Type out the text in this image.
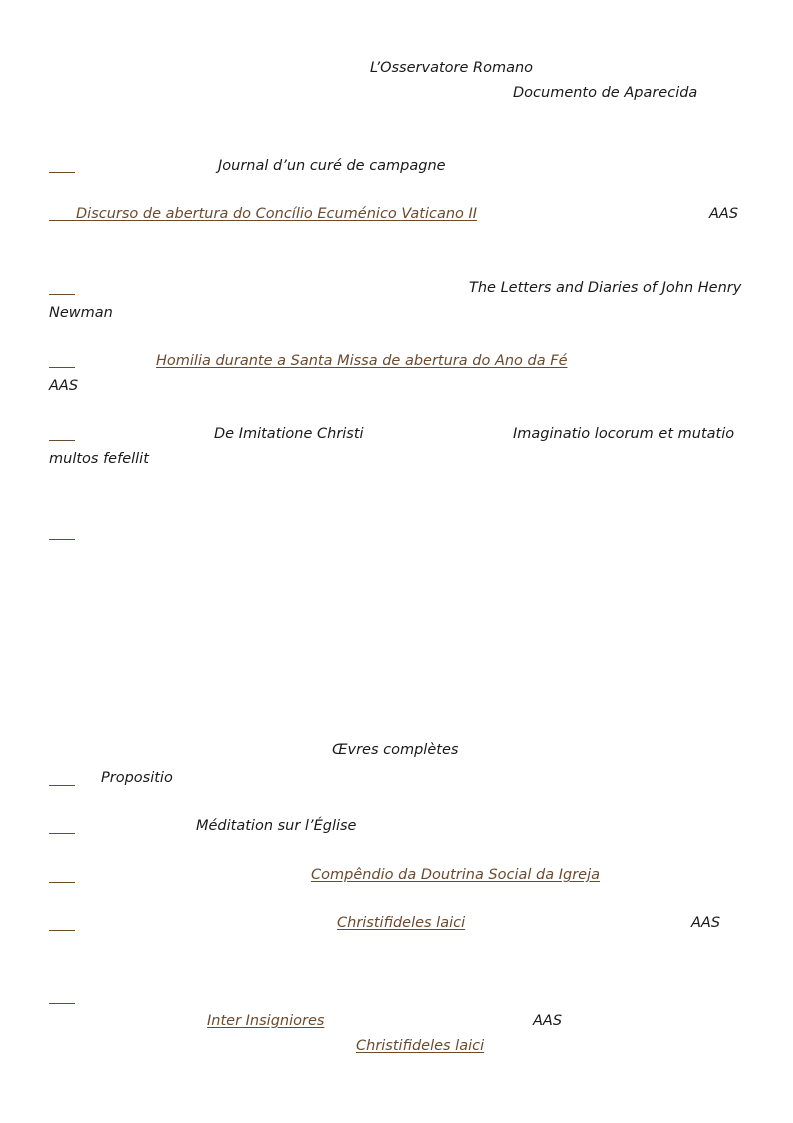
L’Osservatore Romano
Documento de Aparecida
Journal d’un curé de campagne
Discurso de abertura do Concílio Ecuménico Vaticano II	AAS
The Letters and Diaries of John Henry
Newman
Homilia durante a Santa Missa de abertura do Ano da Fé
AAS
De Imitatione Christi	Imaginatio locorum et mutatio
multos fefellit
Œvres complètes
Propositio
Méditation sur l’Église
Compêndio da Doutrina Social da Igreja
Christifideles laici	AAS
Inter Insigniores	AAS
Christifideles laici
